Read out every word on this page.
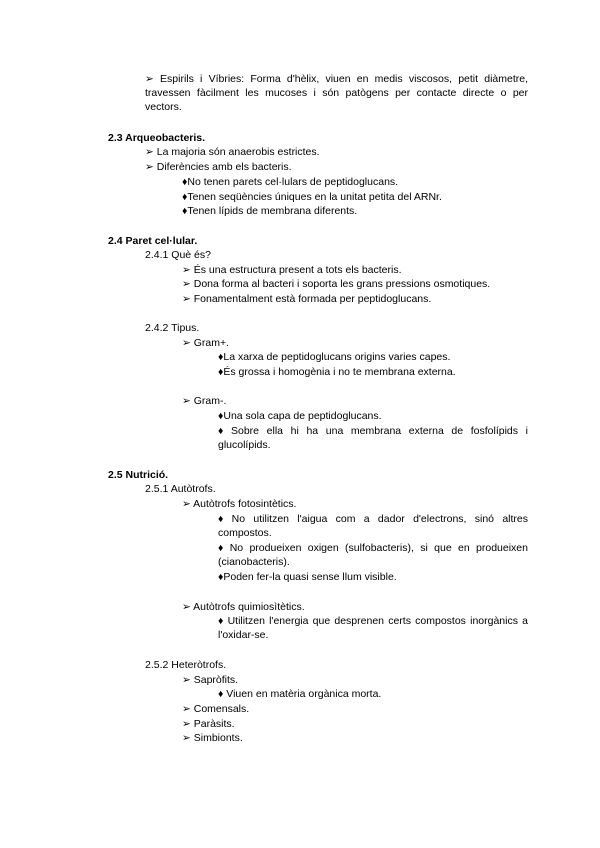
➢ Espirils i Víbries: Forma d'hèlix, viuen en medis viscosos, petit diàmetre, travessen fàcilment les mucoses i són patògens per contacte directe o per vectors.
2.3 Arqueobacteris.
➢ La majoria són anaerobis estrictes.
➢ Diferències amb els bacteris.
♦No tenen parets cel·lulars de peptidoglucans.
♦Tenen seqüències úniques en la unitat petita del ARNr.
♦Tenen lípids de membrana diferents.
2.4 Paret cel·lular.
2.4.1 Què és?
➢ És una estructura present a tots els bacteris.
➢ Dona forma al bacteri i soporta les grans pressions osmotiques.
➢ Fonamentalment està formada per peptidoglucans.
2.4.2 Tipus.
➢ Gram+.
♦La xarxa de peptidoglucans origins varies capes.
♦És grossa i homogènia i no te membrana externa.
➢ Gram-.
♦Una sola capa de peptidoglucans.
♦ Sobre ella hi ha una membrana externa de fosfolípids i glucolípids.
2.5 Nutrició.
2.5.1 Autòtrofs.
➢ Autòtrofs fotosintètics.
♦ No utilitzen l'aigua com a dador d'electrons, sinó altres compostos.
♦ No produeixen oxigen (sulfobacteris), si que en produeixen (cianobacteris).
♦Poden fer-la quasi sense llum visible.
➢ Autòtrofs quimiosìtètics.
♦ Utilitzen l'energia que desprenen certs compostos inorgànics a l'oxidar-se.
2.5.2 Heteròtrofs.
➢ Sapròfits.
♦ Viuen en matèria orgànica morta.
➢ Comensals.
➢ Paràsits.
➢ Simbionts.
